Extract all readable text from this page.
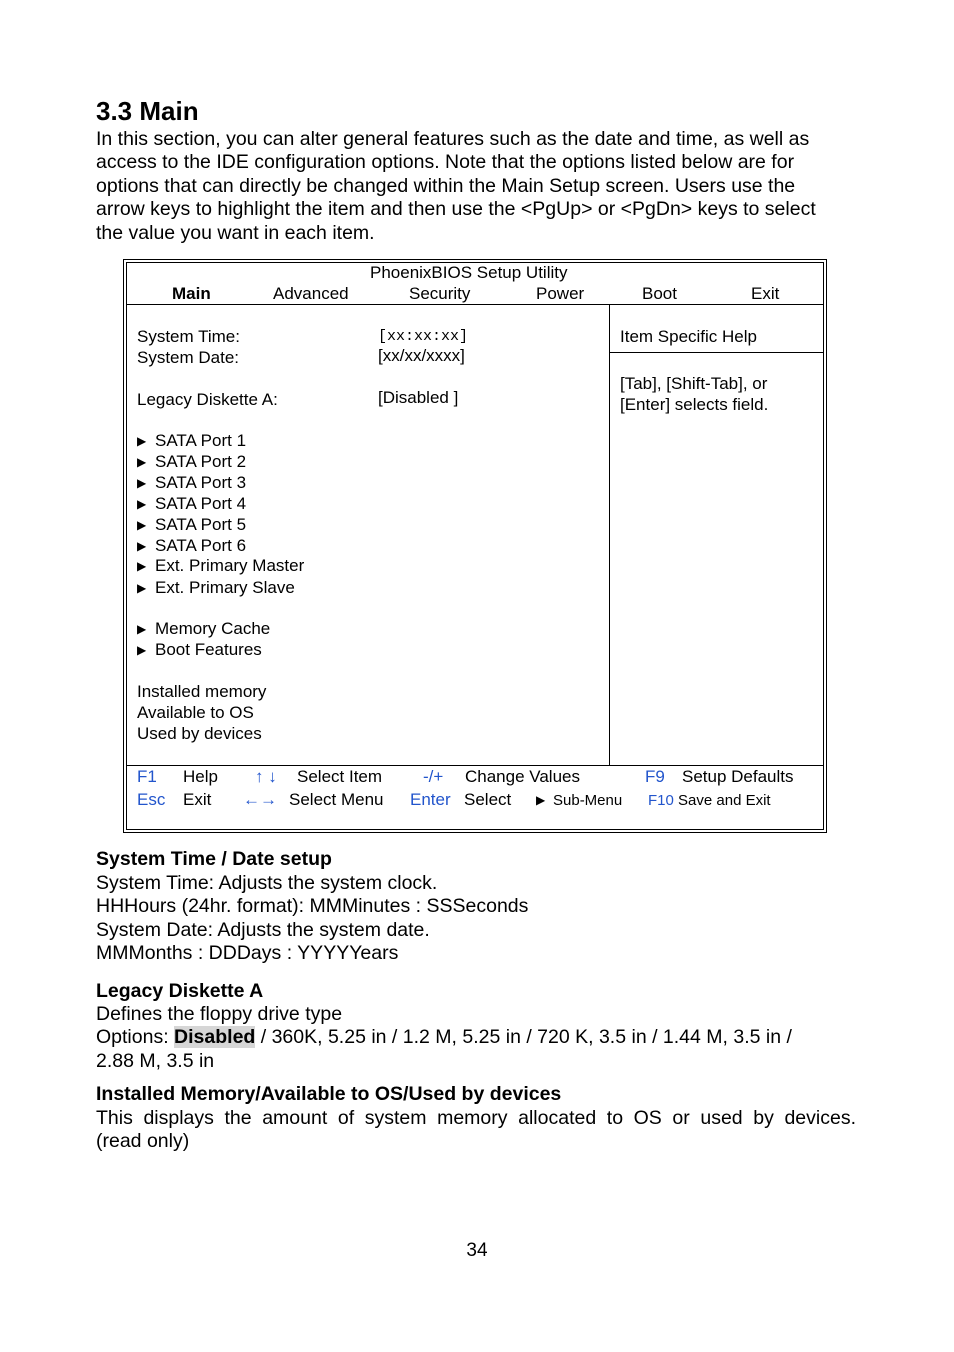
3.3 Main
In this section, you can alter general features such as the date and time, as well as
access to the IDE configuration options. Note that the options listed below are for
options that can directly be changed within the Main Setup screen. Users use the
arrow keys to highlight the item and then use the <PgUp> or <PgDn> keys to select
the value you want in each item.
PhoenixBIOS Setup Utility
Main	Advanced	Security	Power	Boot	Exit
System Time:	[xx:xx:xx]
System Date:	[xx/xx/xxxx]
Legacy Diskette A:	[Disabled ]
▶ SATA Port 1
▶ SATA Port 2
▶ SATA Port 3
▶ SATA Port 4
▶ SATA Port 5
▶ SATA Port 6
▶ Ext. Primary Master
▶ Ext. Primary Slave
▶ Memory Cache
▶ Boot Features
Installed memory
Available to OS
Used by devices
Item Specific Help
[Tab], [Shift-Tab], or
[Enter] selects field.
F1 Help ↑ ↓ Select Item -/+ Change Values	F9 Setup Defaults
Esc Exit ←→ Select Menu Enter Select ▶ Sub-Menu F10 Save and Exit
System Time / Date setup
System Time: Adjusts the system clock.
HHHours (24hr. format): MMMinutes : SSSeconds
System Date: Adjusts the system date.
MMMonths : DDDays : YYYYYears
Legacy Diskette A
Defines the floppy drive type
Options: Disabled / 360K, 5.25 in / 1.2 M, 5.25 in / 720 K, 3.5 in / 1.44 M, 3.5 in /
2.88 M, 3.5 in
Installed Memory/Available to OS/Used by devices
This displays the amount of system memory allocated to OS or used by devices.
(read only)
34
